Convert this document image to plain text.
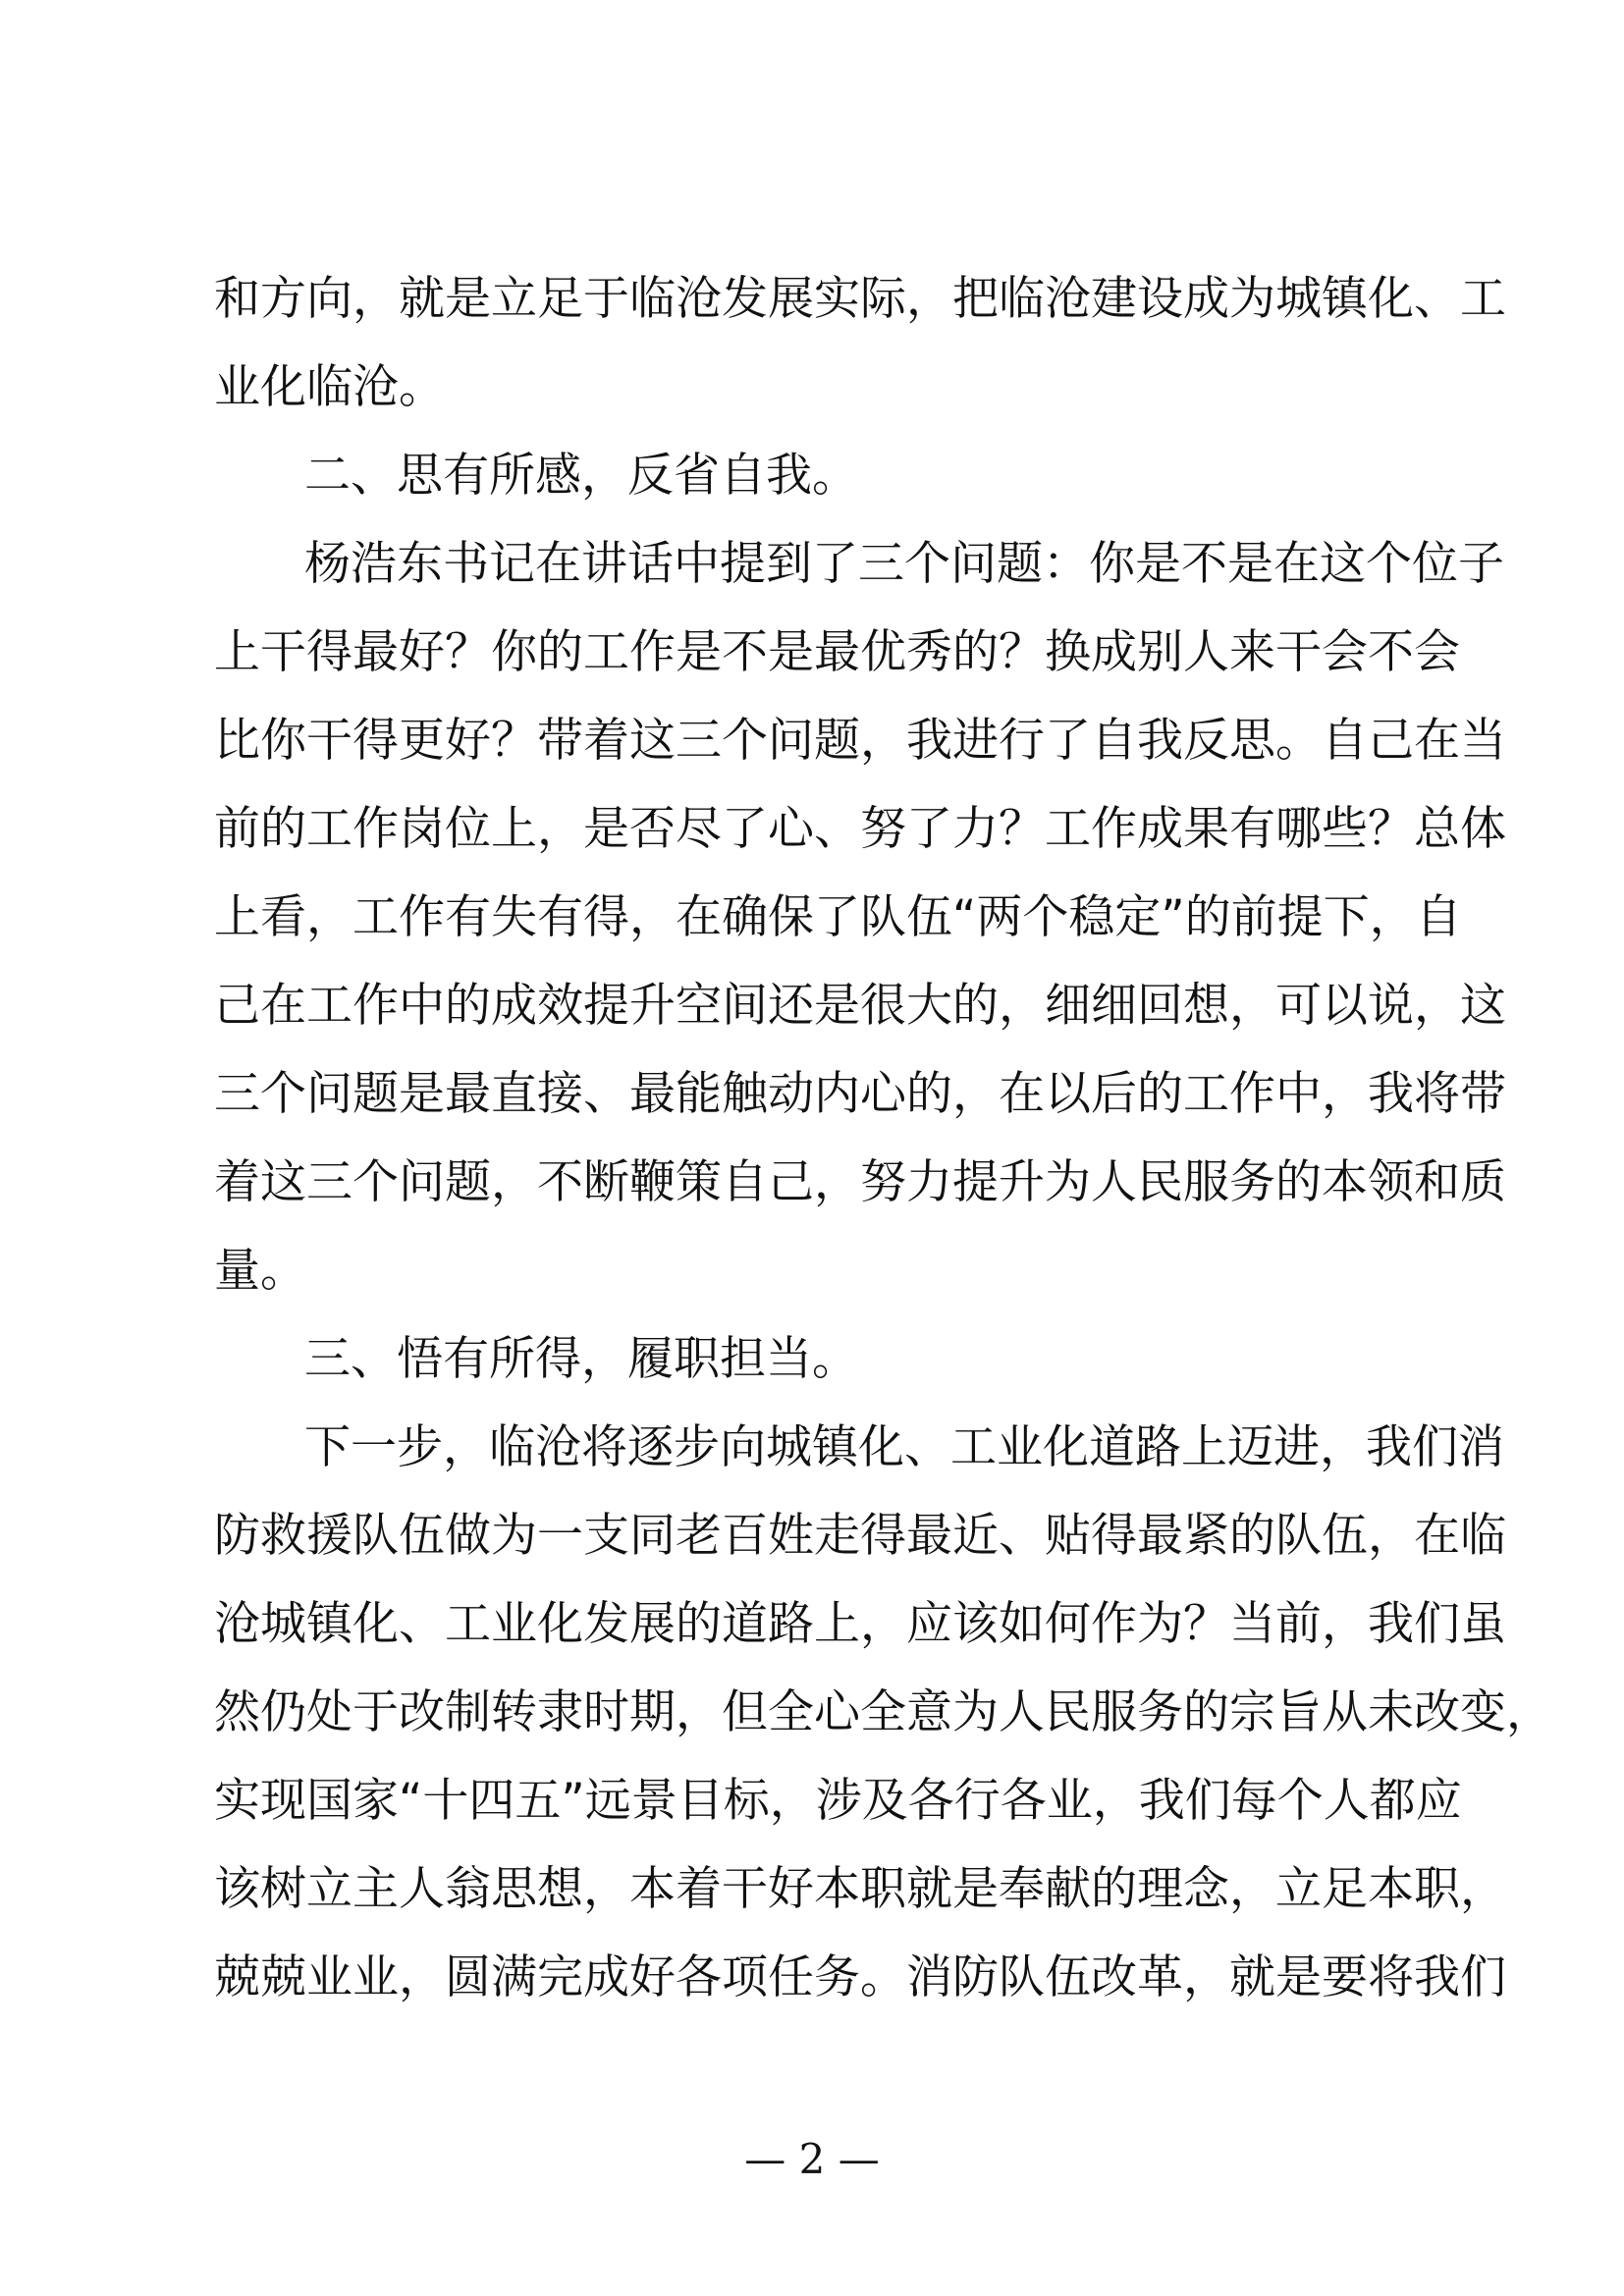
和方向，就是立足于临沧发展实际，把临沧建设成为城镇化、工
业化临沧。
二、思有所感，反省自我。
杨浩东书记在讲话中提到了三个问题：你是不是在这个位子
上干得最好？你的工作是不是最优秀的？换成别人来干会不会
比你干得更好？带着这三个问题，我进行了自我反思。自己在当
前的工作岗位上，是否尽了心、努了力？工作成果有哪些？总体
上看，工作有失有得，在确保了队伍“两个稳定”的前提下，自
己在工作中的成效提升空间还是很大的，细细回想，可以说，这
三个问题是最直接、最能触动内心的，在以后的工作中，我将带
着这三个问题，不断鞭策自己，努力提升为人民服务的本领和质
量。
三、悟有所得，履职担当。
下一步，临沧将逐步向城镇化、工业化道路上迈进，我们消
防救援队伍做为一支同老百姓走得最近、贴得最紧的队伍，在临
沧城镇化、工业化发展的道路上，应该如何作为？当前，我们虽
然仍处于改制转隶时期，但全心全意为人民服务的宗旨从未改变，
实现国家“十四五”远景目标，涉及各行各业，我们每个人都应
该树立主人翁思想，本着干好本职就是奉献的理念，立足本职，
兢兢业业，圆满完成好各项任务。消防队伍改革，就是要将我们
— 2 —
